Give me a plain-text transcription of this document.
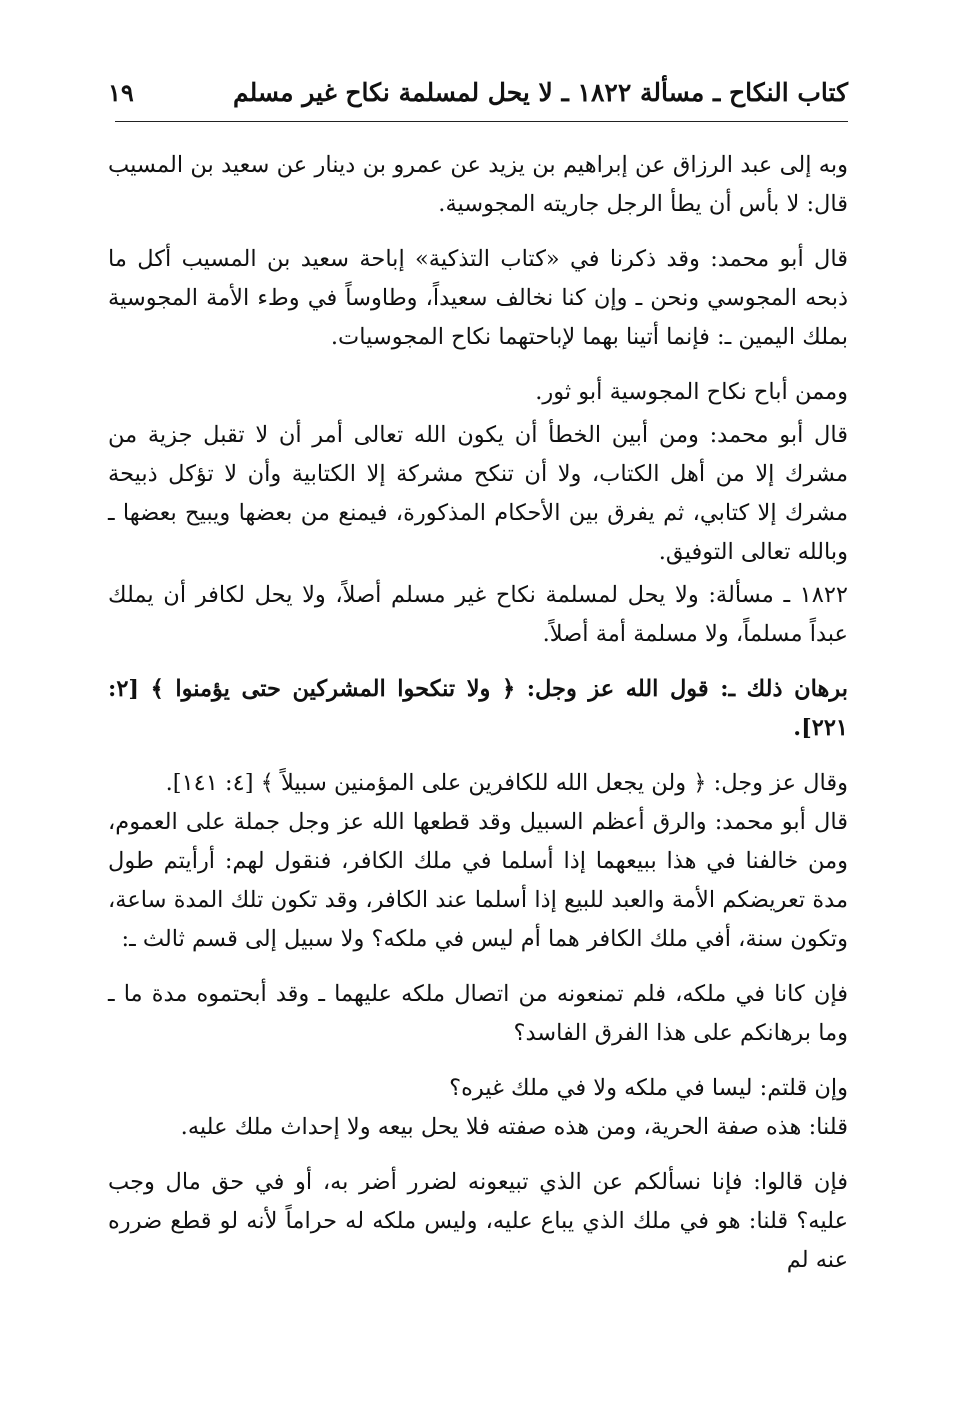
كتاب النكاح ـ مسألة ١٨٢٢ ـ لا يحل لمسلمة نكاح غير مسلم
١٩

وبه إلى عبد الرزاق عن إبراهيم بن يزيد عن عمرو بن دينار عن سعيد بن المسيب قال: لا بأس أن يطأ الرجل جاريته المجوسية.

قال أبو محمد: وقد ذكرنا في «كتاب التذكية» إباحة سعيد بن المسيب أكل ما ذبحه المجوسي ونحن ـ وإن كنا نخالف سعيداً، وطاوساً في وطء الأمة المجوسية بملك اليمين ـ: فإنما أتينا بهما لإباحتهما نكاح المجوسيات.

وممن أباح نكاح المجوسية أبو ثور.

قال أبو محمد: ومن أبين الخطأ أن يكون الله تعالى أمر أن لا تقبل جزية من مشرك إلا من أهل الكتاب، ولا أن تنكح مشركة إلا الكتابية وأن لا تؤكل ذبيحة مشرك إلا كتابي، ثم يفرق بين الأحكام المذكورة، فيمنع من بعضها ويبيح بعضها ـ وبالله تعالى التوفيق.

١٨٢٢ ـ مسألة: ولا يحل لمسلمة نكاح غير مسلم أصلاً، ولا يحل لكافر أن يملك عبداً مسلماً، ولا مسلمة أمة أصلاً.

برهان ذلك ـ: قول الله عز وجل: ﴿ ولا تنكحوا المشركين حتى يؤمنوا ﴾ [٢: ٢٢١].

وقال عز وجل: ﴿ ولن يجعل الله للكافرين على المؤمنين سبيلاً ﴾ [٤: ١٤١].

قال أبو محمد: والرق أعظم السبيل وقد قطعها الله عز وجل جملة على العموم، ومن خالفنا في هذا ببيعهما إذا أسلما في ملك الكافر، فنقول لهم: أرأيتم طول مدة تعريضكم الأمة والعبد للبيع إذا أسلما عند الكافر، وقد تكون تلك المدة ساعة، وتكون سنة، أفي ملك الكافر هما أم ليس في ملكه؟ ولا سبيل إلى قسم ثالث ـ:

فإن كانا في ملكه، فلم تمنعونه من اتصال ملكه عليهما ـ وقد أبحتموه مدة ما ـ وما برهانكم على هذا الفرق الفاسد؟

وإن قلتم: ليسا في ملكه ولا في ملك غيره؟

قلنا: هذه صفة الحرية، ومن هذه صفته فلا يحل بيعه ولا إحداث ملك عليه.

فإن قالوا: فإنا نسألكم عن الذي تبيعونه لضرر أضر به، أو في حق مال وجب عليه؟ قلنا: هو في ملك الذي يباع عليه، وليس ملكه له حراماً لأنه لو قطع ضرره عنه لم
